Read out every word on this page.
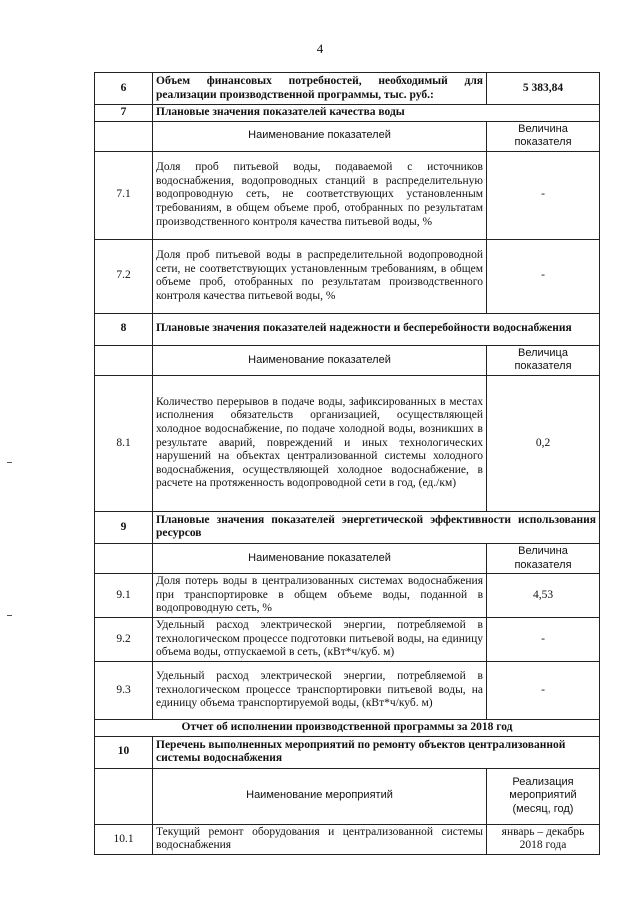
4
6	Объем финансовых потребностей, необходимый для реализации производственной программы, тыс. руб.:	5 383,84
7	Плановые значения показателей качества воды	
	Наименование показателей	Величина показателя
7.1	Доля проб питьевой воды, подаваемой с источников водоснабжения, водопроводных станций в распределительную водопроводную сеть, не соответствующих установленным требованиям, в общем объеме проб, отобранных по результатам производственного контроля качества питьевой воды, %	-
7.2	Доля проб питьевой воды в распределительной водопроводной сети, не соответствующих установленным требованиям, в общем объеме проб, отобранных по результатам производственного контроля качества питьевой воды, %	-
8	Плановые значения показателей надежности и бесперебойности водоснабжения	
	Наименование показателей	Величица показателя
8.1	Количество перерывов в подаче воды, зафиксированных в местах исполнения обязательств организацией, осуществляющей холодное водоснабжение, по подаче холодной воды, возникших в результате аварий, повреждений и иных технологических нарушений на объектах централизованной системы холодного водоснабжения, осуществляющей холодное водоснабжение, в расчете на протяженность водопроводной сети в год, (ед./км)	0,2
9	Плановые значения показателей энергетической эффективности использования ресурсов	
	Наименование показателей	Величина показателя
9.1	Доля потерь воды в централизованных системах водоснабжения при транспортировке в общем объеме воды, поданной в водопроводную сеть, %	4,53
9.2	Удельный расход электрической энергии, потребляемой в технологическом процессе подготовки питьевой воды, на единицу объема воды, отпускаемой в сеть, (кВт*ч/куб. м)	-
9.3	Удельный расход электрической энергии, потребляемой в технологическом процессе транспортировки питьевой воды, на единицу объема транспортируемой воды, (кВт*ч/куб. м)	-
Отчет об исполнении производственной программы за 2018 год		
10	Перечень выполненных мероприятий по ремонту объектов централизованной системы водоснабжения	
	Наименование мероприятий	Реализация мероприятий (месяц, год)
10.1	Текущий ремонт оборудования и централизованной системы водоснабжения	январь – декабрь 2018 года
